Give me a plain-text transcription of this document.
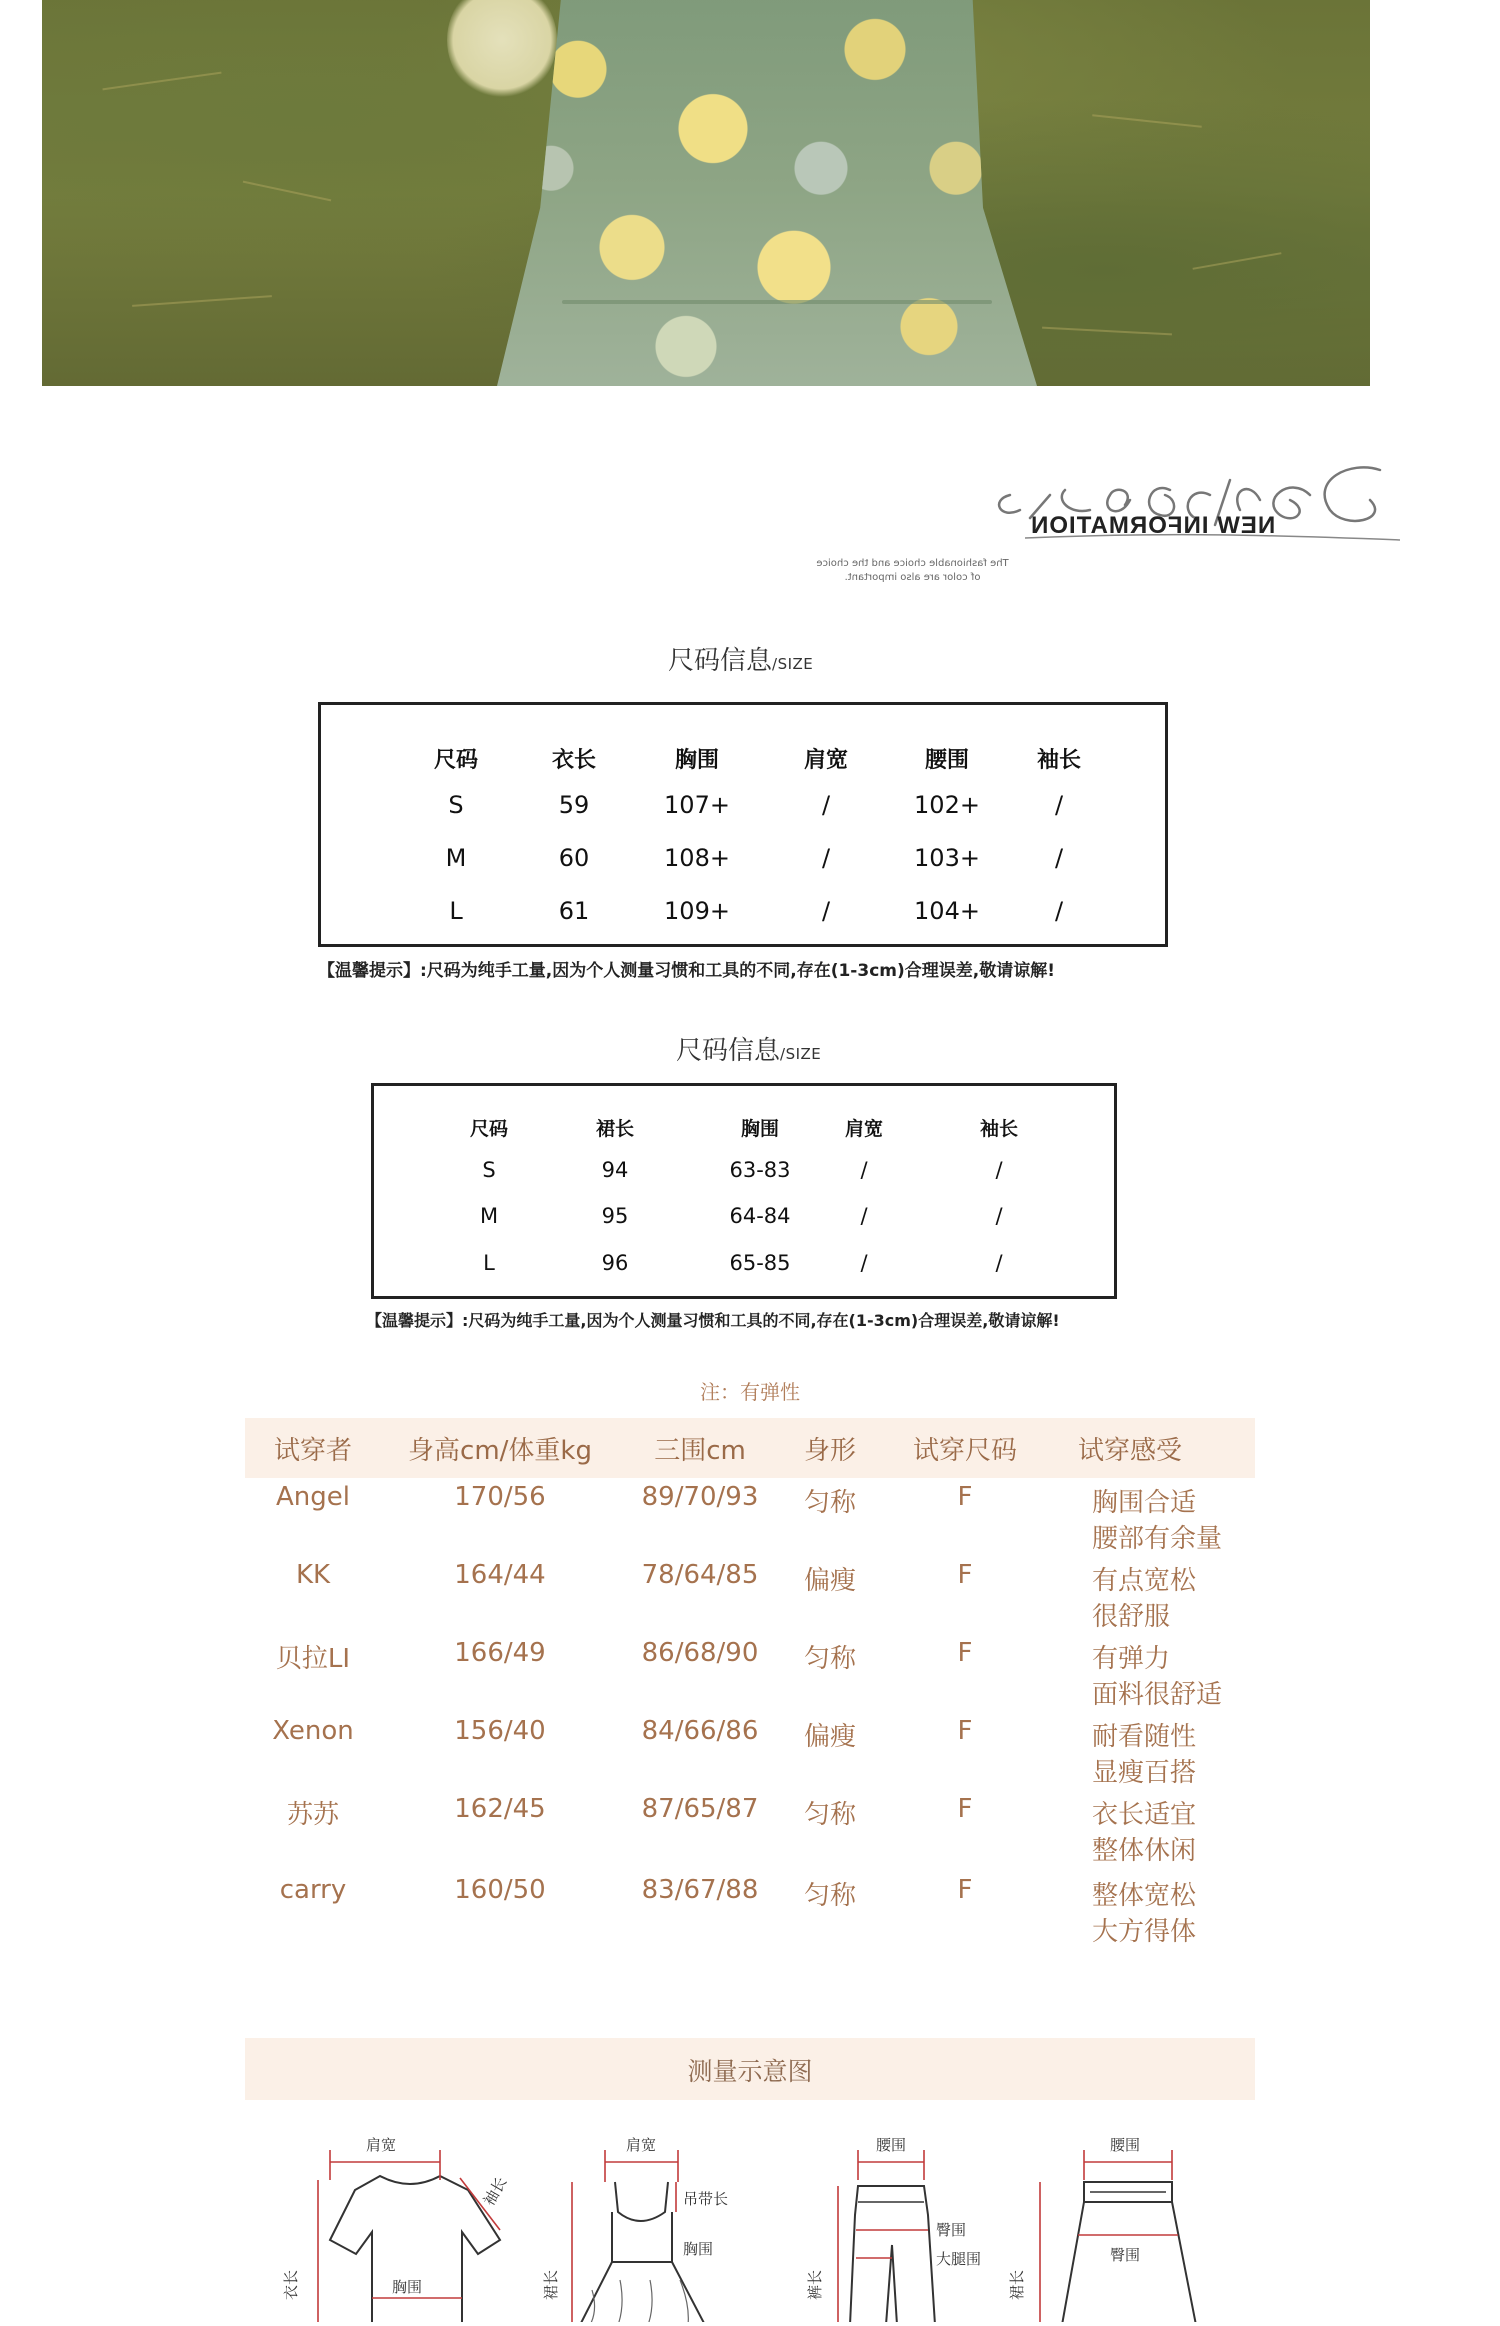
NEW INFORMATION
The fashionable choice and the choice
of color are also important.
尺码信息/SIZE
尺码	衣长	胸围	肩宽	腰围	袖长
S	59	107+	/	102+	/
M	60	108+	/	103+	/
L	61	109+	/	104+	/
【温馨提示】:尺码为纯手工量,因为个人测量习惯和工具的不同,存在(1-3cm)合理误差,敬请谅解!
尺码信息/SIZE
尺码	裙长	胸围	肩宽	袖长
S	94	63-83	/	/
M	95	64-84	/	/
L	96	65-85	/	/
【温馨提示】:尺码为纯手工量,因为个人测量习惯和工具的不同,存在(1-3cm)合理误差,敬请谅解!
注：有弹性
试穿者 身高cm/体重kg 三围cm 身形 试穿尺码 试穿感受
Angel	170/56	89/70/93 匀称	F	胸围合适
腰部有余量
KK	164/44	78/64/85 偏瘦	F	有点宽松
很舒服
贝拉LI	166/49	86/68/90 匀称	F	有弹力
面料很舒适
Xenon	156/40	84/66/86 偏瘦	F	耐看随性
显瘦百搭
苏苏	162/45	87/65/87 匀称	F	衣长适宜
整体休闲
carry	160/50	83/67/88 匀称	F	整体宽松
大方得体
测量示意图
肩宽
袖长
衣长	胸围
肩宽
吊带长
胸围
裙长
腰围
臀围
大腿围
裤长
腰围
臀围
裙长
